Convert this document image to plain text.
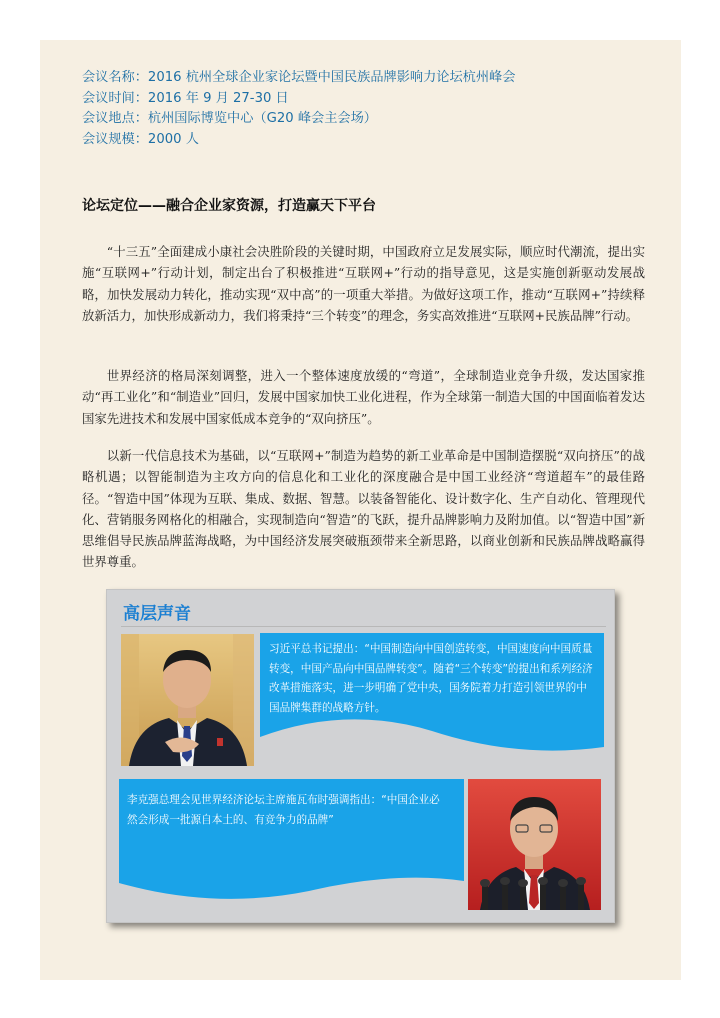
会议名称：2016 杭州全球企业家论坛暨中国民族品牌影响力论坛杭州峰会
会议时间：2016 年 9 月 27-30 日
会议地点：杭州国际博览中心（G20 峰会主会场）
会议规模：2000 人
论坛定位——融合企业家资源，打造赢天下平台

“十三五”全面建成小康社会决胜阶段的关键时期，中国政府立足发展实际，顺应时代潮流，提出实施“互联网+”行动计划，制定出台了积极推进“互联网+”行动的指导意见，这是实施创新驱动发展战略，加快发展动力转化，推动实现“双中高”的一项重大举措。为做好这项工作，推动“互联网+”持续释放新活力，加快形成新动力，我们将秉持“三个转变”的理念，务实高效推进“互联网+民族品牌”行动。

世界经济的格局深刻调整，进入一个整体速度放缓的“弯道”，全球制造业竞争升级，发达国家推动“再工业化”和“制造业”回归，发展中国家加快工业化进程，作为全球第一制造大国的中国面临着发达国家先进技术和发展中国家低成本竞争的“双向挤压”。

以新一代信息技术为基础，以“互联网+”制造为趋势的新工业革命是中国制造摆脱“双向挤压”的战略机遇；以智能制造为主攻方向的信息化和工业化的深度融合是中国工业经济“弯道超车”的最佳路径。“智造中国”体现为互联、集成、数据、智慧。以装备智能化、设计数字化、生产自动化、管理现代化、营销服务网格化的相融合，实现制造向“智造”的飞跃，提升品牌影响力及附加值。以“智造中国”新思维倡导民族品牌蓝海战略，为中国经济发展突破瓶颈带来全新思路，以商业创新和民族品牌战略赢得世界尊重。

高层声音
习近平总书记提出：“中国制造向中国创造转变，中国速度向中国质量转变，中国产品向中国品牌转变”。随着“三个转变”的提出和系列经济改革措施落实，进一步明确了党中央，国务院着力打造引领世界的中国品牌集群的战略方针。
李克强总理会见世界经济论坛主席施瓦布时强调指出：“中国企业必然会形成一批源自本土的、有竞争力的品牌”
